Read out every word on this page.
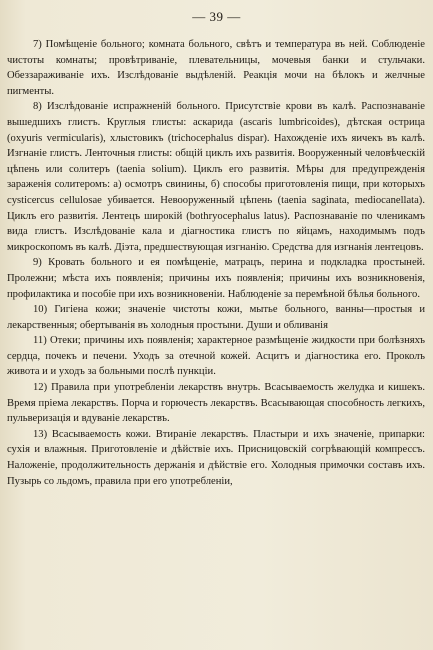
— 39 —

7) Помѣщеніе больного; комната больного, свѣтъ и температура въ ней. Соблюденіе чистоты комнаты; провѣтриваніе, плевательницы, мочевыя банки и стульчаки. Обеззараживаніе ихъ. Изслѣдованіе выдѣленій. Реакція мочи на бѣлокъ и желчные пигменты.

8) Изслѣдованіе испражненій больного. Присутствіе крови въ калѣ. Распознаваніе вышедшихъ глистъ. Круглыя глисты: аскарида (ascaris lumbricoides), дѣтская острица (oxyuris vermicularis), хлыстовикъ (trichocephalus dispar). Нахожденіе ихъ яичекъ въ калѣ. Изгнаніе глистъ. Ленточныя глисты: общій циклъ ихъ развитія. Вооруженный человѣческій цѣпень или солитеръ (taenia solium). Циклъ его развитія. Мѣры для предупрежденія зараженія солитеромъ: а) осмотръ свинины, б) способы приготовленія пищи, при которыхъ cysticercus cellulosae убивается. Невооруженный цѣпень (taenia saginata, mediocanellata). Циклъ его развитія. Лентецъ широкій (bothryocephalus latus). Распознаваніе по членикамъ вида глистъ. Изслѣдованіе кала и діагностика глистъ по яйцамъ, находимымъ подъ микроскопомъ въ калѣ. Діэта, предшествующая изгнанію. Средства для изгнанія лентецовъ.

9) Кровать больного и ея помѣщеніе, матрацъ, перина и подкладка простыней. Пролежни; мѣста ихъ появленія; причины ихъ появленія; причины ихъ возникновенія, профилактика и пособіе при ихъ возникновеніи. Наблюденіе за перемѣной бѣлья больного.

10) Гигіена кожи; значеніе чистоты кожи, мытье больного, ванны—простыя и лекарственныя; обертыванія въ холодныя простыни. Души и обливанія

11) Отеки; причины ихъ появленія; характерное размѣщеніе жидкости при болѣзняхъ сердца, почекъ и печени. Уходъ за отечной кожей. Асцитъ и діагностика его. Проколъ живота и и уходъ за больными послѣ пункціи.

12) Правила при употребленіи лекарствъ внутрь. Всасываемость желудка и кишекъ. Время пріема лекарствъ. Порча и горючесть лекарствъ. Всасывающая способность легкихъ, пульверизація и вдуваніе лекарствъ.

13) Всасываемость кожи. Втираніе лекарствъ. Пластыри и ихъ значеніе, припарки: сухія и влажныя. Приготовленіе и дѣйствіе ихъ. Присницовскій согрѣвающій компрессъ. Наложеніе, продолжительность держанія и дѣйствіе его. Холодныя примочки составъ ихъ. Пузырь со льдомъ, правила при его употребленіи,
